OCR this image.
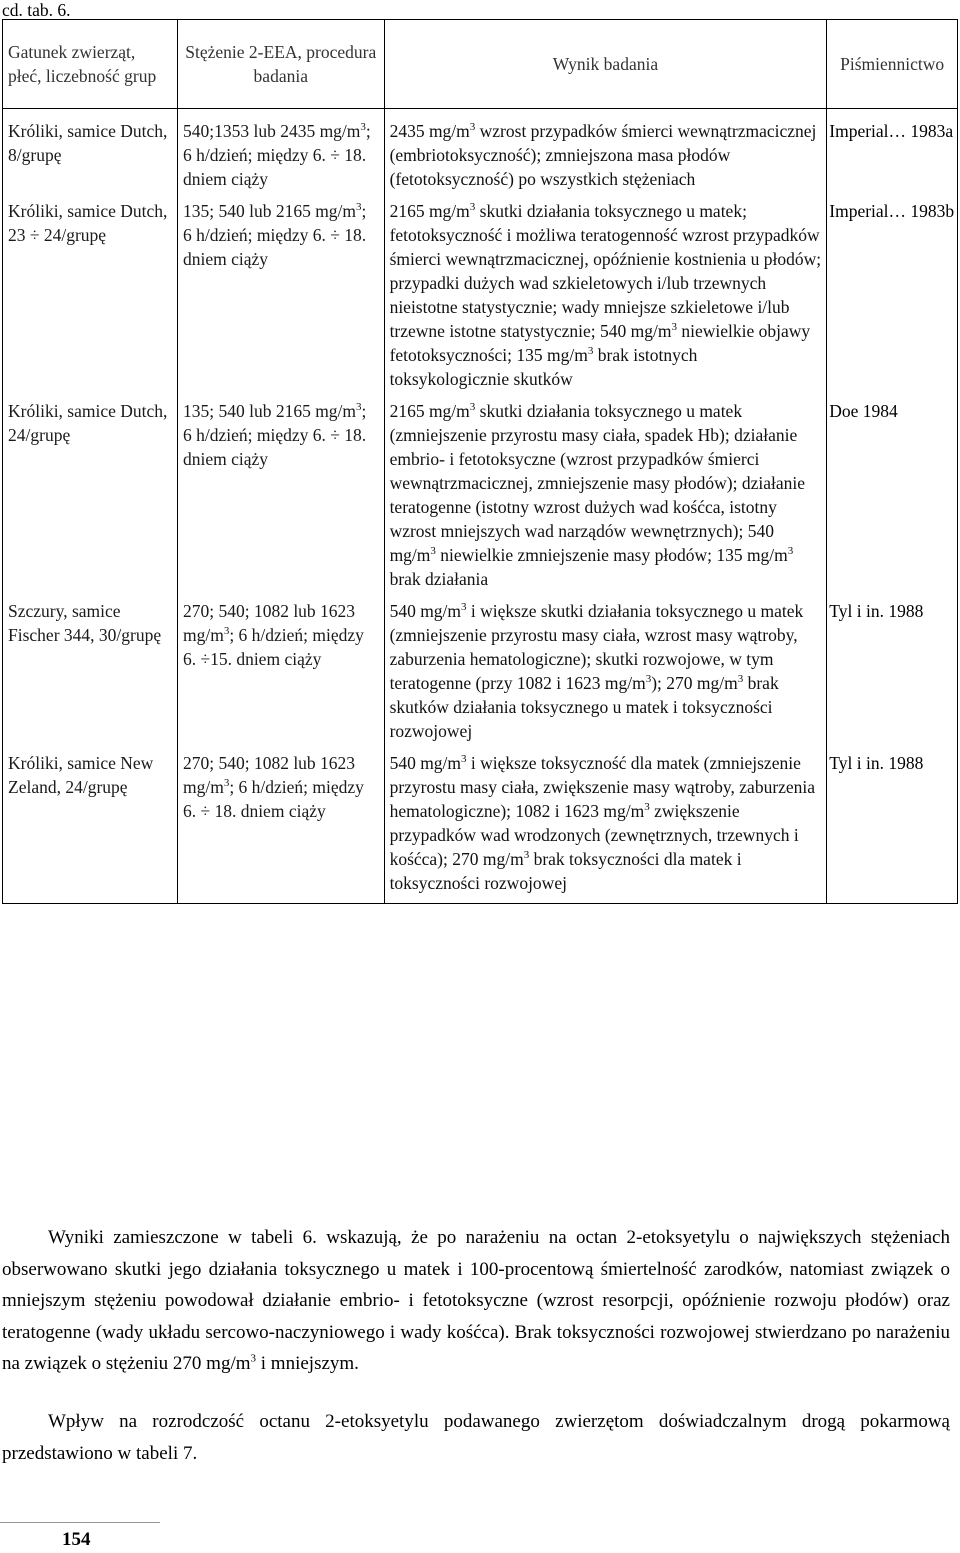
cd. tab. 6.
Gatunek zwierząt, płeć, liczebność grup	Stężenie 2-EEA, procedura badania	Wynik badania	Piśmiennictwo
Króliki, samice Dutch, 8/grupę	540;1353 lub 2435 $mg/m^3$; 6 h/dzień; między 6. ÷ 18. dniem ciąży	2435 $mg/m^3$ wzrost przypadków śmierci wewnątrzmacicznej (embriotoksyczność); zmniejszona masa płodów (fetotoksyczność) po wszystkich stężeniach	Imperial… 1983a
Króliki, samice Dutch, 23 ÷ 24/grupę	135; 540 lub 2165 $mg/m^3$; 6 h/dzień; między 6. ÷ 18. dniem ciąży	2165 $mg/m^3$ skutki działania toksycznego u matek; fetotoksyczność i możliwa teratogenność wzrost przypadków śmierci wewnątrzmacicznej, opóźnienie kostnienia u płodów; przypadki dużych wad szkieletowych i/lub trzewnych nieistotne statystycznie; wady mniejsze szkieletowe i/lub trzewne istotne statystycznie; 540 $mg/m^3$ niewielkie objawy fetotoksyczności; 135 $mg/m^3$ brak istotnych toksykologicznie skutków	Imperial… 1983b
Króliki, samice Dutch, 24/grupę	135; 540 lub 2165 $mg/m^3$; 6 h/dzień; między 6. ÷ 18. dniem ciąży	2165 $mg/m^3$ skutki działania toksycznego u matek (zmniejszenie przyrostu masy ciała, spadek Hb); działanie embrio- i fetotoksyczne (wzrost przypadków śmierci wewnątrzmacicznej, zmniejszenie masy płodów); działanie teratogenne (istotny wzrost dużych wad kośćca, istotny wzrost mniejszych wad narządów wewnętrznych); 540 $mg/m^3$ niewielkie zmniejszenie masy płodów; 135 $mg/m^3$ brak działania	Doe 1984
Szczury, samice Fischer 344, 30/grupę	270; 540; 1082 lub 1623 $mg/m^3$; 6 h/dzień; między 6. ÷15. dniem ciąży	540 $mg/m^3$ i większe skutki działania toksycznego u matek (zmniejszenie przyrostu masy ciała, wzrost masy wątroby, zaburzenia hematologiczne); skutki rozwojowe, w tym teratogenne (przy 1082 i 1623 $mg/m^3$); 270 $mg/m^3$ brak skutków działania toksycznego u matek i toksyczności rozwojowej	Tyl i in. 1988
Króliki, samice New Zeland, 24/grupę	270; 540; 1082 lub 1623 $mg/m^3$; 6 h/dzień; między 6. ÷ 18. dniem ciąży	540 $mg/m^3$ i większe toksyczność dla matek (zmniejszenie przyrostu masy ciała, zwiększenie masy wątroby, zaburzenia hematologiczne); 1082 i 1623 $mg/m^3$ zwiększenie przypadków wad wrodzonych (zewnętrznych, trzewnych i kośćca); 270 $mg/m^3$ brak toksyczności dla matek i toksyczności rozwojowej	Tyl i in. 1988
Wyniki zamieszczone w tabeli 6. wskazują, że po narażeniu na octan 2-etoksyetylu o największych stężeniach obserwowano skutki jego działania toksycznego u matek i 100-procentową śmiertelność zarodków, natomiast związek o mniejszym stężeniu powodował działanie embrio- i fetotoksyczne (wzrost resorpcji, opóźnienie rozwoju płodów) oraz teratogenne (wady układu sercowo-naczyniowego i wady kośćca). Brak toksyczności rozwojowej stwierdzano po narażeniu na związek o stężeniu 270 $mg/m^3$ i mniejszym.
Wpływ na rozrodczość octanu 2-etoksyetylu podawanego zwierzętom doświadczalnym drogą pokarmową przedstawiono w tabeli 7.
154
